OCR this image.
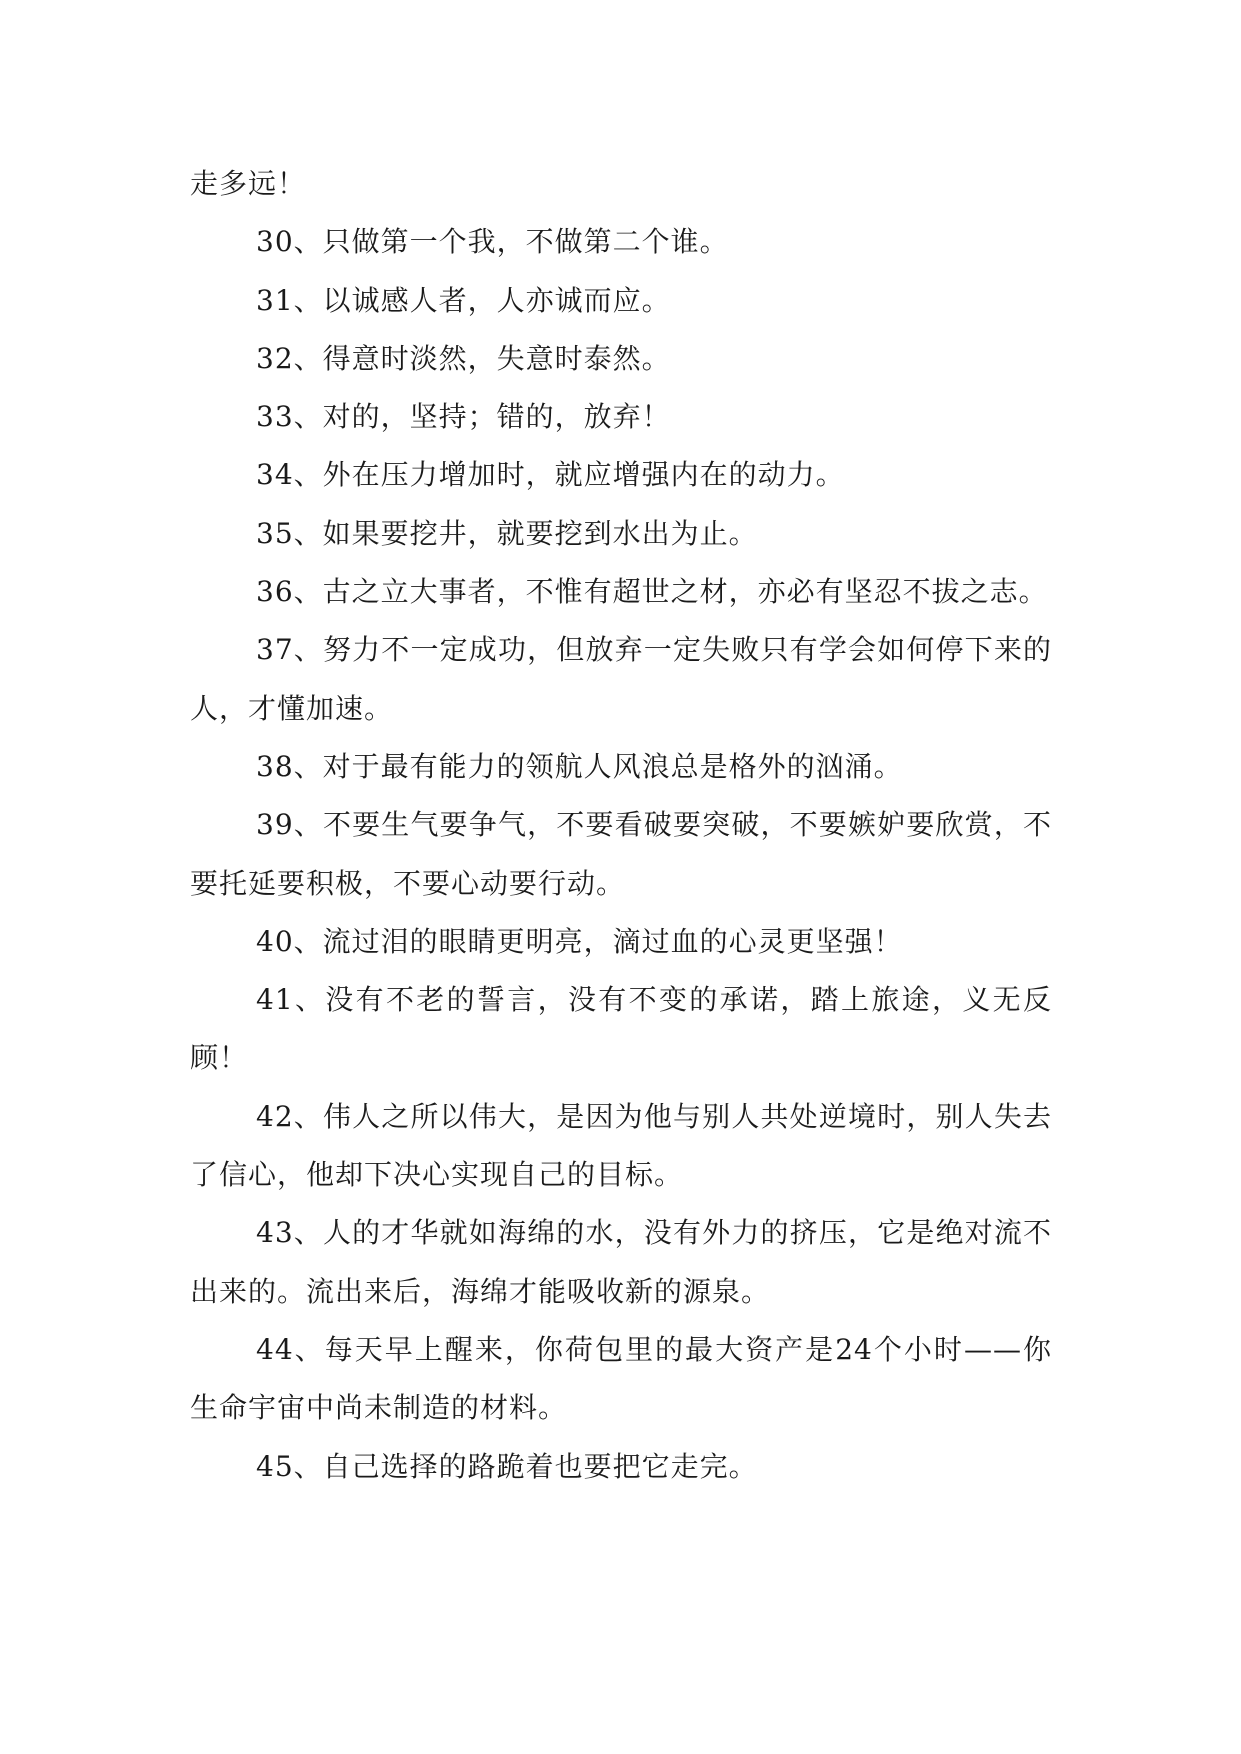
走多远！

30、只做第一个我，不做第二个谁。

31、以诚感人者，人亦诚而应。

32、得意时淡然，失意时泰然。

33、对的，坚持；错的，放弃！

34、外在压力增加时，就应增强内在的动力。

35、如果要挖井，就要挖到水出为止。

36、古之立大事者，不惟有超世之材，亦必有坚忍不拔之志。

37、努力不一定成功，但放弃一定失败只有学会如何停下来的人，才懂加速。

38、对于最有能力的领航人风浪总是格外的汹涌。

39、不要生气要争气，不要看破要突破，不要嫉妒要欣赏，不要托延要积极，不要心动要行动。

40、流过泪的眼睛更明亮，滴过血的心灵更坚强！

41、没有不老的誓言，没有不变的承诺，踏上旅途，义无反顾！

42、伟人之所以伟大，是因为他与别人共处逆境时，别人失去了信心，他却下决心实现自己的目标。

43、人的才华就如海绵的水，没有外力的挤压，它是绝对流不出来的。流出来后，海绵才能吸收新的源泉。

44、每天早上醒来，你荷包里的最大资产是24个小时——你生命宇宙中尚未制造的材料。

45、自己选择的路跪着也要把它走完。
